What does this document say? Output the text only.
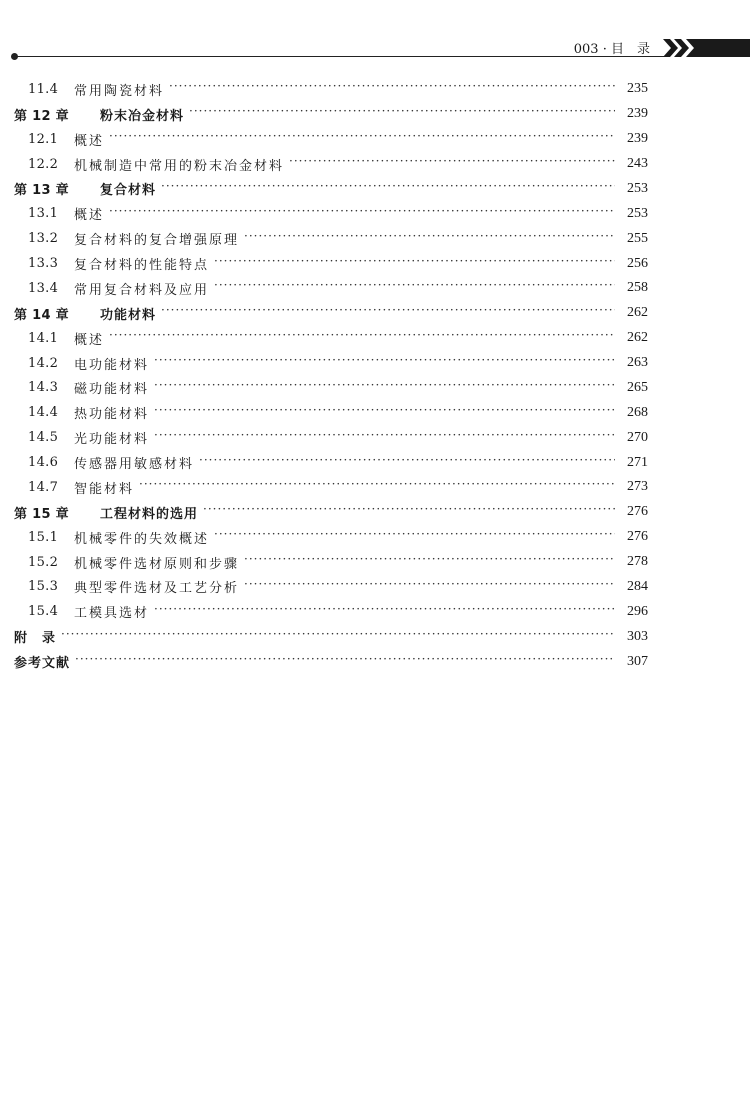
003 · 目　录
11.4	常用陶瓷材料 ·····	235
第 12 章	粉末冶金材料 ·····	239
12.1	概述 ·····	239
12.2	机械制造中常用的粉末冶金材料 ·····	243
第 13 章	复合材料 ·····	253
13.1	概述 ·····	253
13.2	复合材料的复合增强原理 ·····	255
13.3	复合材料的性能特点 ·····	256
13.4	常用复合材料及应用 ·····	258
第 14 章	功能材料 ·····	262
14.1	概述 ·····	262
14.2	电功能材料 ·····	263
14.3	磁功能材料 ·····	265
14.4	热功能材料 ·····	268
14.5	光功能材料 ·····	270
14.6	传感器用敏感材料 ·····	271
14.7	智能材料 ·····	273
第 15 章	工程材料的选用 ·····	276
15.1	机械零件的失效概述 ·····	276
15.2	机械零件选材原则和步骤 ·····	278
15.3	典型零件选材及工艺分析 ·····	284
15.4	工模具选材 ·····	296
附　录 ·····	303
参考文献 ·····	307
